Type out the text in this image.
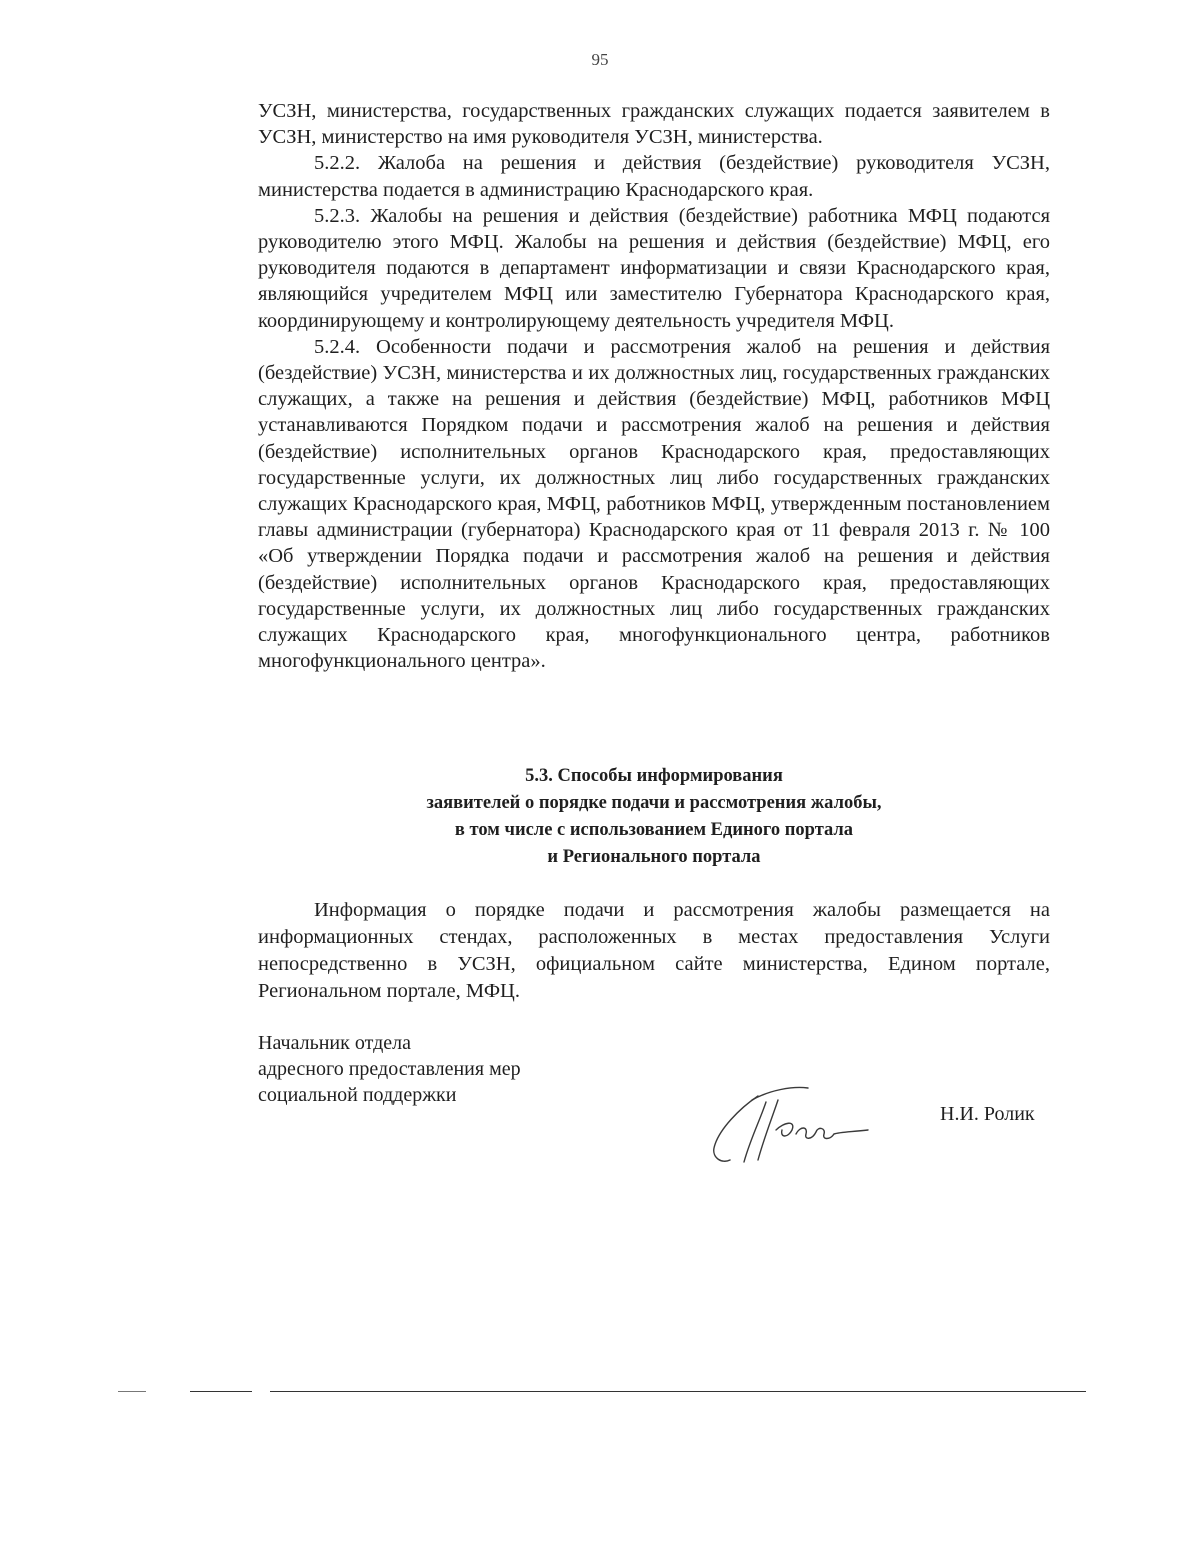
95

УСЗН, министерства, государственных гражданских служащих подается заявителем в УСЗН, министерство на имя руководителя УСЗН, министерства.

5.2.2. Жалоба на решения и действия (бездействие) руководителя УСЗН, министерства подается в администрацию Краснодарского края.

5.2.3. Жалобы на решения и действия (бездействие) работника МФЦ подаются руководителю этого МФЦ. Жалобы на решения и действия (бездействие) МФЦ, его руководителя подаются в департамент информатизации и связи Краснодарского края, являющийся учредителем МФЦ или заместителю Губернатора Краснодарского края, координирующему и контролирующему деятельность учредителя МФЦ.

5.2.4. Особенности подачи и рассмотрения жалоб на решения и действия (бездействие) УСЗН, министерства и их должностных лиц, государственных гражданских служащих, а также на решения и действия (бездействие) МФЦ, работников МФЦ устанавливаются Порядком подачи и рассмотрения жалоб на решения и действия (бездействие) исполнительных органов Краснодарского края, предоставляющих государственные услуги, их должностных лиц либо государственных гражданских служащих Краснодарского края, МФЦ, работников МФЦ, утвержденным постановлением главы администрации (губернатора) Краснодарского края от 11 февраля 2013 г. № 100 «Об утверждении Порядка подачи и рассмотрения жалоб на решения и действия (бездействие) исполнительных органов Краснодарского края, предоставляющих государственные услуги, их должностных лиц либо государственных гражданских служащих Краснодарского края, многофункционального центра, работников многофункционального центра».

5.3. Способы информирования
заявителей о порядке подачи и рассмотрения жалобы,
в том числе с использованием Единого портала
и Регионального портала

Информация о порядке подачи и рассмотрения жалобы размещается на информационных стендах, расположенных в местах предоставления Услуги непосредственно в УСЗН, официальном сайте министерства, Едином портале, Региональном портале, МФЦ.

Начальник отдела
адресного предоставления мер
социальной поддержки
Н.И. Ролик
